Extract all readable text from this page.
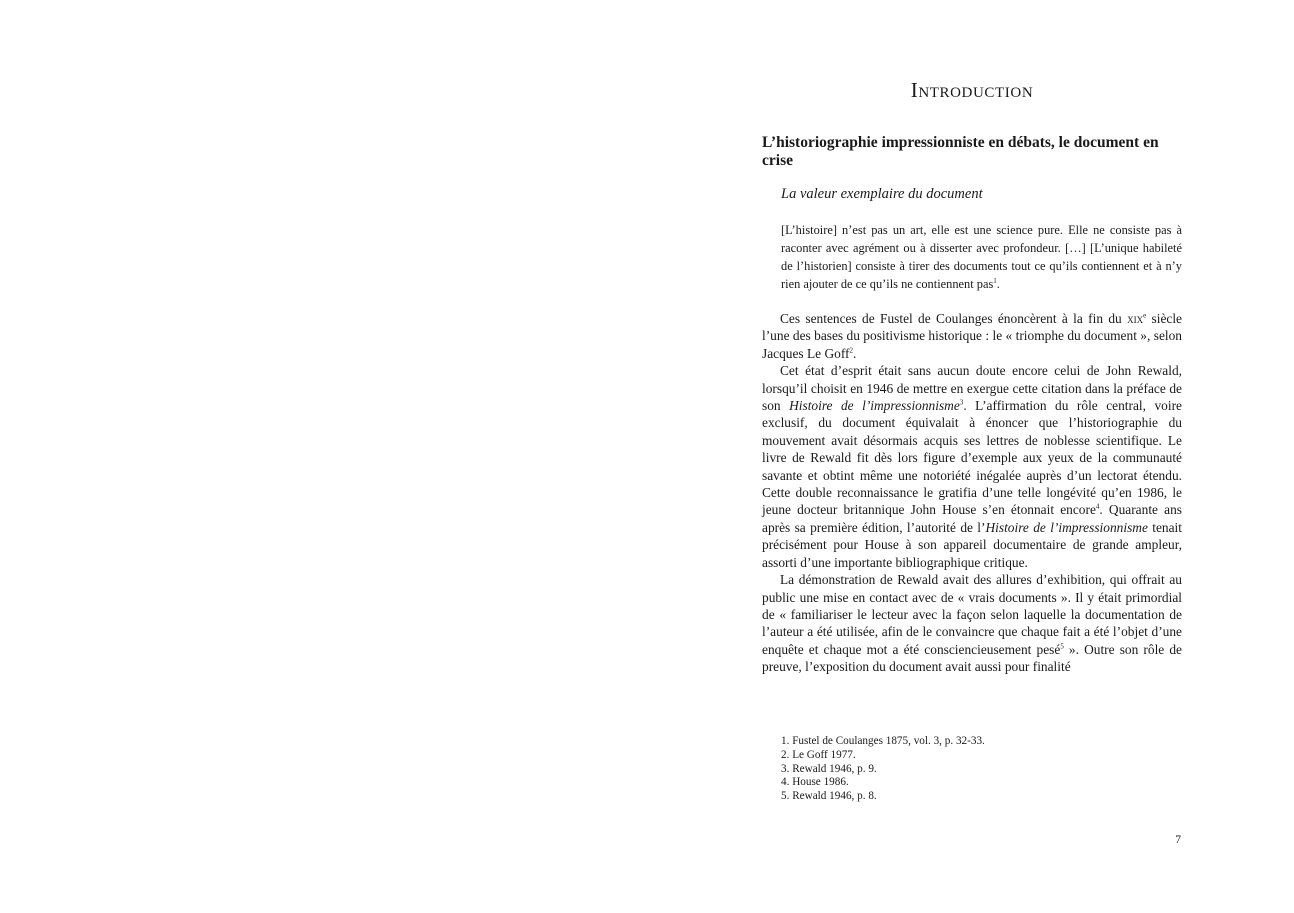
Introduction
L’historiographie impressionniste en débats, le document en crise
La valeur exemplaire du document

[L’histoire] n’est pas un art, elle est une science pure. Elle ne consiste pas à raconter avec agrément ou à disserter avec profondeur. […] [L’unique habileté de l’historien] consiste à tirer des documents tout ce qu’ils contiennent et à n’y rien ajouter de ce qu’ils ne contiennent pas$^1$.

Ces sentences de Fustel de Coulanges énoncèrent à la fin du xix$^e$ siècle l’une des bases du positivisme historique : le « triomphe du document », selon Jacques Le Goff$^2$.

Cet état d’esprit était sans aucun doute encore celui de John Rewald, lorsqu’il choisit en 1946 de mettre en exergue cette citation dans la préface de son Histoire de l’impressionnisme$^3$. L’affirmation du rôle central, voire exclusif, du document équivalait à énoncer que l’historiographie du mouvement avait désormais acquis ses lettres de noblesse scientifique. Le livre de Rewald fit dès lors figure d’exemple aux yeux de la communauté savante et obtint même une notoriété inégalée auprès d’un lectorat étendu. Cette double reconnaissance le gratifia d’une telle longévité qu’en 1986, le jeune docteur britannique John House s’en étonnait encore$^4$. Quarante ans après sa première édition, l’autorité de l’Histoire de l’impressionnisme tenait précisément pour House à son appareil documentaire de grande ampleur, assorti d’une importante bibliographique critique.

La démonstration de Rewald avait des allures d’exhibition, qui offrait au public une mise en contact avec de « vrais documents ». Il y était primordial de « familiariser le lecteur avec la façon selon laquelle la documentation de l’auteur a été utilisée, afin de le convaincre que chaque fait a été l’objet d’une enquête et chaque mot a été consciencieusement pesé$^5$ ». Outre son rôle de preuve, l’exposition du document avait aussi pour finalité

1. Fustel de Coulanges 1875, vol. 3, p. 32-33.
2. Le Goff 1977.
3. Rewald 1946, p. 9.
4. House 1986.
5. Rewald 1946, p. 8.
7
